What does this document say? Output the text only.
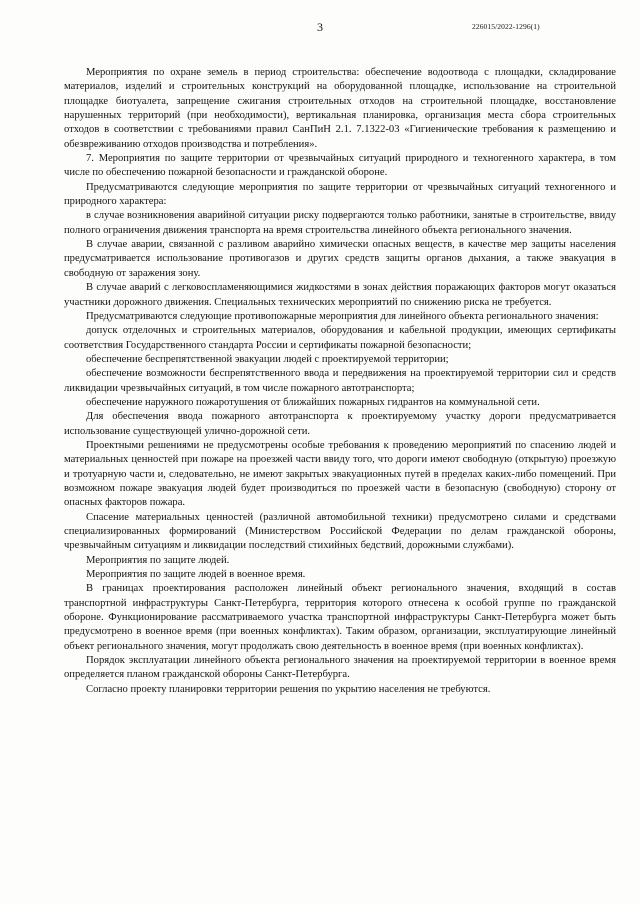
3	226015/2022-1296(1)

Мероприятия по охране земель в период строительства: обеспечение водоотвода с площадки, складирование материалов, изделий и строительных конструкций на оборудованной площадке, использование на строительной площадке биотуалета, запрещение сжигания строительных отходов на строительной площадке, восстановление нарушенных территорий (при необходимости), вертикальная планировка, организация места сбора строительных отходов в соответствии с требованиями правил СанПиН 2.1. 7.1322-03 «Гигиенические требования к размещению и обезвреживанию отходов производства и потребления».

7. Мероприятия по защите территории от чрезвычайных ситуаций природного и техногенного характера, в том числе по обеспечению пожарной безопасности и гражданской обороне.

Предусматриваются следующие мероприятия по защите территории от чрезвычайных ситуаций техногенного и природного характера:

в случае возникновения аварийной ситуации риску подвергаются только работники, занятые в строительстве, ввиду полного ограничения движения транспорта на время строительства линейного объекта регионального значения.

В случае аварии, связанной с разливом аварийно химически опасных веществ, в качестве мер защиты населения предусматривается использование противогазов и других средств защиты органов дыхания, а также эвакуация в свободную от заражения зону.

В случае аварий с легковоспламеняющимися жидкостями в зонах действия поражающих факторов могут оказаться участники дорожного движения. Специальных технических мероприятий по снижению риска не требуется.

Предусматриваются следующие противопожарные мероприятия для линейного объекта регионального значения:

допуск отделочных и строительных материалов, оборудования и кабельной продукции, имеющих сертификаты соответствия Государственного стандарта России и сертификаты пожарной безопасности;

обеспечение беспрепятственной эвакуации людей с проектируемой территории;

обеспечение возможности беспрепятственного ввода и передвижения на проектируемой территории сил и средств ликвидации чрезвычайных ситуаций, в том числе пожарного автотранспорта;

обеспечение наружного пожаротушения от ближайших пожарных гидрантов на коммунальной сети.

Для обеспечения ввода пожарного автотранспорта к проектируемому участку дороги предусматривается использование существующей улично-дорожной сети.

Проектными решениями не предусмотрены особые требования к проведению мероприятий по спасению людей и материальных ценностей при пожаре на проезжей части ввиду того, что дороги имеют свободную (открытую) проезжую и тротуарную части и, следовательно, не имеют закрытых эвакуационных путей в пределах каких-либо помещений. При возможном пожаре эвакуация людей будет производиться по проезжей части в безопасную (свободную) сторону от опасных факторов пожара.

Спасение материальных ценностей (различной автомобильной техники) предусмотрено силами и средствами специализированных формирований (Министерством Российской Федерации по делам гражданской обороны, чрезвычайным ситуациям и ликвидации последствий стихийных бедствий, дорожными службами).

Мероприятия по защите людей.

Мероприятия по защите людей в военное время.

В границах проектирования расположен линейный объект регионального значения, входящий в состав транспортной инфраструктуры Санкт-Петербурга, территория которого отнесена к особой группе по гражданской обороне. Функционирование рассматриваемого участка транспортной инфраструктуры Санкт-Петербурга может быть предусмотрено в военное время (при военных конфликтах). Таким образом, организации, эксплуатирующие линейный объект регионального значения, могут продолжать свою деятельность в военное время (при военных конфликтах).

Порядок эксплуатации линейного объекта регионального значения на проектируемой территории в военное время определяется планом гражданской обороны Санкт-Петербурга.

Согласно проекту планировки территории решения по укрытию населения не требуются.
